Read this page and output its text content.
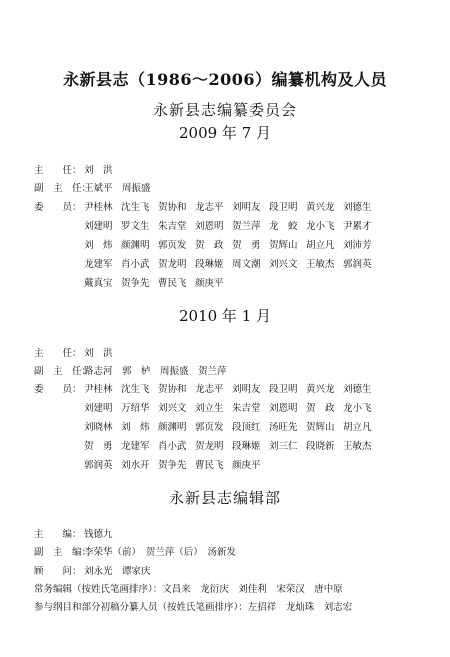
永新县志（1986～2006）编纂机构及人员
永新县志编纂委员会
2009 年 7 月
主　　任： 刘　洪
副　主　任：
王斌平　周振盛
委　　员： 尹桂林 沈生飞 贺协和 龙志平 刘明友 段卫明 黄兴龙 刘德生
刘建明 罗文生 朱吉堂 刘恩明 贺兰萍 龙　蛟 龙小飞 尹累才
刘　炜 颜渊明 郭页发 贺　政 贺　勇 贺辉山 胡立凡 刘沛芳
龙建军 肖小武 贺龙明 段琳姬 周文潮 刘兴文 王敏杰 郭润英
戴真宝 贺争先 曹民飞 颜庚平
2010 年 1 月
主　　任： 刘　洪
副　主　任：
路志河　郭　栌　周振盛　贺兰萍
委　　员： 尹桂林 沈生飞 贺协和 龙志平 刘明友 段卫明 黄兴龙 刘德生
刘建明 万绍华 刘兴文 刘立生 朱吉堂 刘恩明 贺　政 龙小飞
刘晓林 刘　炜 颜渊明 郭页发 段顶红 汤旺先 贺辉山 胡立凡
贺　勇 龙建军 肖小武 贺龙明 段琳姬 刘三仁 段晓新 王敏杰
郭润英 刘水开 贺争先 曹民飞 颜庚平
永新县志编辑部
主　　编： 钱德九
副　主　编：
李荣华（前）　贺兰萍（后）　汤新发
顾　　问： 刘永光　谭家庆
常务编辑（按姓氏笔画排序）：文昌来　龙衍庆　刘佳利　宋荣汉　唐中原
参与纲目和部分初稿分纂人员（按姓氏笔画排序）：左招祥　龙灿珠　刘志宏
